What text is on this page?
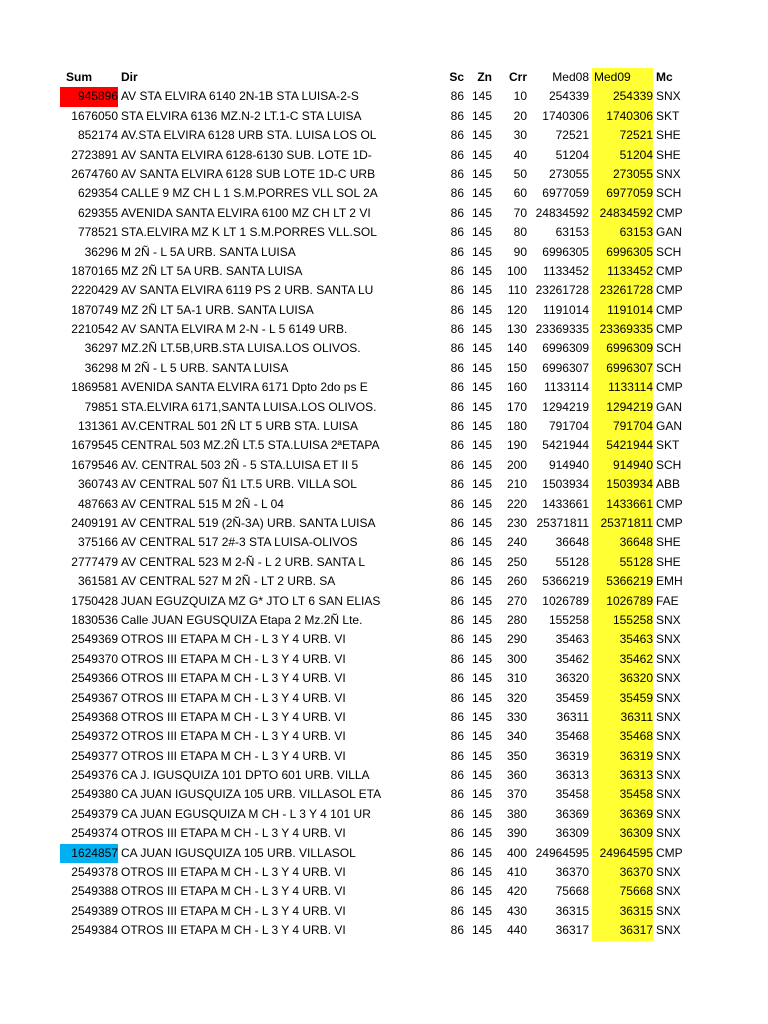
Sum	Dir	Sc	Zn	Crr	Med08 Med09	Mc
945896 AV STA ELVIRA 6140 2N-1B STA LUISA-2-S	86 145	10	254339	254339 SNX
1676050 STA ELVIRA 6136 MZ.N-2 LT.1-C STA LUISA	86 145	20	1740306	1740306 SKT
852174 AV.STA ELVIRA 6128 URB STA. LUISA LOS OL	86 145	30	72521	72521 SHE
2723891 AV SANTA ELVIRA 6128-6130 SUB. LOTE 1D-	86 145	40	51204	51204 SHE
2674760 AV SANTA ELVIRA 6128 SUB LOTE 1D-C URB	86 145	50	273055	273055 SNX
629354 CALLE 9 MZ CH L 1 S.M.PORRES VLL SOL 2A	86 145	60	6977059	6977059 SCH
629355 AVENIDA SANTA ELVIRA 6100 MZ CH LT 2 VI	86 145	70 24834592 24834592 CMP
778521 STA.ELVIRA MZ K LT 1 S.M.PORRES VLL.SOL	86 145	80	63153	63153 GAN
36296 M 2Ñ - L 5A URB. SANTA LUISA	86 145	90	6996305	6996305 SCH
1870165 MZ 2Ñ LT 5A URB. SANTA LUISA	86 145	100	1133452	1133452 CMP
2220429 AV SANTA ELVIRA 6119 PS 2 URB. SANTA LU	86 145	110 23261728 23261728 CMP
1870749 MZ 2Ñ LT 5A-1 URB. SANTA LUISA	86 145	120	1191014	1191014 CMP
2210542 AV SANTA ELVIRA M 2-N - L 5 6149 URB.	86 145	130 23369335 23369335 CMP
36297 MZ.2Ñ LT.5B,URB.STA LUISA.LOS OLIVOS.	86 145	140	6996309	6996309 SCH
36298 M 2Ñ - L 5 URB. SANTA LUISA	86 145	150	6996307	6996307 SCH
1869581 AVENIDA SANTA ELVIRA 6171 Dpto 2do ps E	86 145	160	1133114	1133114 CMP
79851 STA.ELVIRA 6171,SANTA LUISA.LOS OLIVOS.	86 145	170	1294219	1294219 GAN
131361 AV.CENTRAL 501 2Ñ LT 5 URB STA. LUISA	86 145	180	791704	791704 GAN
1679545 CENTRAL 503 MZ.2Ñ LT.5 STA.LUISA 2ªETAPA	86 145	190	5421944	5421944 SKT
1679546 AV. CENTRAL 503 2Ñ - 5 STA.LUISA ET II 5	86 145	200	914940	914940 SCH
360743 AV CENTRAL 507 Ñ1 LT.5 URB. VILLA SOL	86 145	210	1503934	1503934 ABB
487663 AV CENTRAL 515 M 2Ñ - L 04	86 145	220	1433661	1433661 CMP
2409191 AV CENTRAL 519 (2Ñ-3A) URB. SANTA LUISA	86 145	230 25371811 25371811 CMP
375166 AV CENTRAL 517 2#-3 STA LUISA-OLIVOS	86 145	240	36648	36648 SHE
2777479 AV CENTRAL 523 M 2-Ñ - L 2 URB. SANTA L	86 145	250	55128	55128 SHE
361581 AV CENTRAL 527 M 2Ñ - LT 2 URB. SA	86 145	260	5366219	5366219 EMH
1750428 JUAN EGUZQUIZA MZ G* JTO LT 6 SAN ELIAS	86 145	270	1026789	1026789 FAE
1830536 Calle JUAN EGUSQUIZA Etapa 2 Mz.2Ñ Lte.	86 145	280	155258	155258 SNX
2549369 OTROS III ETAPA M CH - L 3 Y 4 URB. VI	86 145	290	35463	35463 SNX
2549370 OTROS III ETAPA M CH - L 3 Y 4 URB. VI	86 145	300	35462	35462 SNX
2549366 OTROS III ETAPA M CH - L 3 Y 4 URB. VI	86 145	310	36320	36320 SNX
2549367 OTROS III ETAPA M CH - L 3 Y 4 URB. VI	86 145	320	35459	35459 SNX
2549368 OTROS III ETAPA M CH - L 3 Y 4 URB. VI	86 145	330	36311	36311 SNX
2549372 OTROS III ETAPA M CH - L 3 Y 4 URB. VI	86 145	340	35468	35468 SNX
2549377 OTROS III ETAPA M CH - L 3 Y 4 URB. VI	86 145	350	36319	36319 SNX
2549376 CA J. IGUSQUIZA 101 DPTO 601 URB. VILLA	86 145	360	36313	36313 SNX
2549380 CA JUAN IGUSQUIZA 105 URB. VILLASOL ETA	86 145	370	35458	35458 SNX
2549379 CA JUAN EGUSQUIZA M CH - L 3 Y 4 101 UR	86 145	380	36369	36369 SNX
2549374 OTROS III ETAPA M CH - L 3 Y 4 URB. VI	86 145	390	36309	36309 SNX
1624857 CA JUAN IGUSQUIZA 105 URB. VILLASOL	86 145	400 24964595 24964595 CMP
2549378 OTROS III ETAPA M CH - L 3 Y 4 URB. VI	86 145	410	36370	36370 SNX
2549388 OTROS III ETAPA M CH - L 3 Y 4 URB. VI	86 145	420	75668	75668 SNX
2549389 OTROS III ETAPA M CH - L 3 Y 4 URB. VI	86 145	430	36315	36315 SNX
2549384 OTROS III ETAPA M CH - L 3 Y 4 URB. VI	86 145	440	36317	36317 SNX
